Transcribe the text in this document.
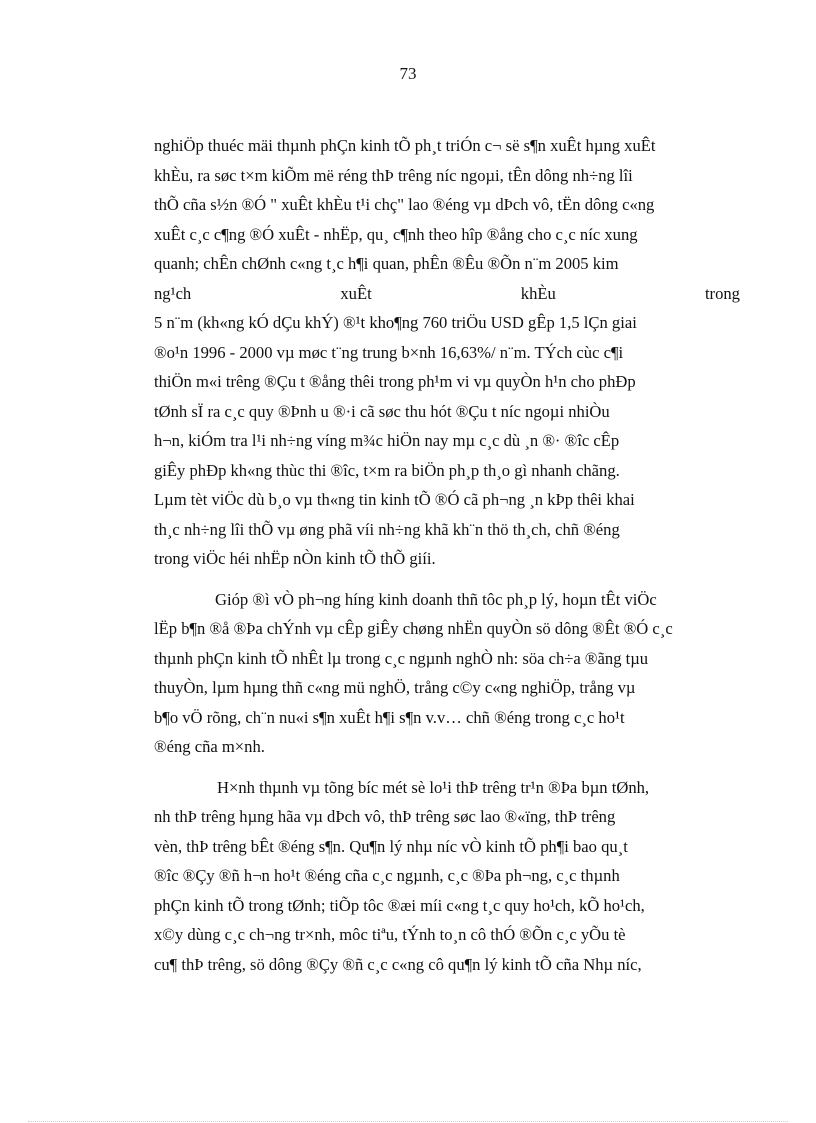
73
nghiÖp thuéc mäi thµnh phÇn kinh tÕ ph¸t triÓn c¬ së s¶n xuÊt hµng xuÊt
khÈu, ra søc t×m kiÕm më réng thÞ trêng níc ngoµi, tÊn dông nh÷ng lîi
thÕ cña s½n ®Ó " xuÊt khÈu t¹i chç" lao ®éng vµ dÞch vô, tËn dông c«ng
xuÊt c¸c c¶ng ®Ó xuÊt - nhËp, qu¸ c¶nh theo hîp ®ång cho c¸c níc xung
quanh; chÊn chØnh c«ng t¸c h¶i quan, phÊn ®Êu ®Õn n¨m 2005 kim
ng¹ch	xuÊt	khÈu	trong
5 n¨m (kh«ng kÓ dÇu khÝ) ®¹t kho¶ng 760 triÖu USD gÊp 1,5 lÇn giai
®o¹n 1996 - 2000 vµ møc t¨ng trung b×nh 16,63%/ n¨m. TÝch cùc c¶i
thiÖn m«i trêng ®Çu t ®ång thêi trong ph¹m vi vµ quyÒn h¹n cho phÐp
tØnh sÏ ra c¸c quy ®Þnh u ®·i cã søc thu hót ®Çu t níc ngoµi nhiÒu
h¬n, kiÓm tra l¹i nh÷ng víng m¾c hiÖn nay mµ c¸c dù ¸n ®· ®îc cÊp
giÊy phÐp kh«ng thùc thi ®îc, t×m ra biÖn ph¸p th¸o gì nhanh chãng.
Lµm tèt viÖc dù b¸o vµ th«ng tin kinh tÕ ®Ó cã ph¬ng ¸n kÞp thêi khai
th¸c nh÷ng lîi thÕ vµ øng phã víi nh÷ng khã kh¨n thö th¸ch, chñ ®éng
trong viÖc héi nhËp nÒn kinh tÕ thÕ giíi.
Gióp ®ì vÒ ph¬ng híng kinh doanh thñ tôc ph¸p lý, hoµn tÊt viÖc
lËp b¶n ®å ®Þa chÝnh vµ cÊp giÊy chøng nhËn quyÒn sö dông ®Êt ®Ó c¸c
thµnh phÇn kinh tÕ nhÊt lµ trong c¸c ngµnh nghÒ nh: söa ch÷a ®ãng tµu
thuyÒn, lµm hµng thñ c«ng mü nghÖ, trång c©y c«ng nghiÖp, trång vµ
b¶o vÖ rõng, ch¨n nu«i s¶n xuÊt h¶i s¶n v.v… chñ ®éng trong c¸c ho¹t
®éng cña m×nh.
H×nh thµnh vµ tõng bíc mét sè lo¹i thÞ trêng tr¹n ®Þa bµn tØnh,
nh thÞ trêng hµng hãa vµ dÞch vô, thÞ trêng søc lao ®«ïng, thÞ trêng
vèn, thÞ trêng bÊt ®éng s¶n. Qu¶n lý nhµ níc vÒ kinh tÕ ph¶i bao qu¸t
®îc ®Çy ®ñ h¬n ho¹t ®éng cña c¸c ngµnh, c¸c ®Þa ph¬ng, c¸c thµnh
phÇn kinh tÕ trong tØnh; tiÕp tôc ®æi míi c«ng t¸c quy ho¹ch, kÕ ho¹ch,
x©y dùng c¸c ch¬ng tr×nh, môc tiªu, tÝnh to¸n cô thÓ ®Õn c¸c yÕu tè
cu¶ thÞ trêng, sö dông ®Çy ®ñ c¸c c«ng cô qu¶n lý kinh tÕ cña Nhµ níc,
